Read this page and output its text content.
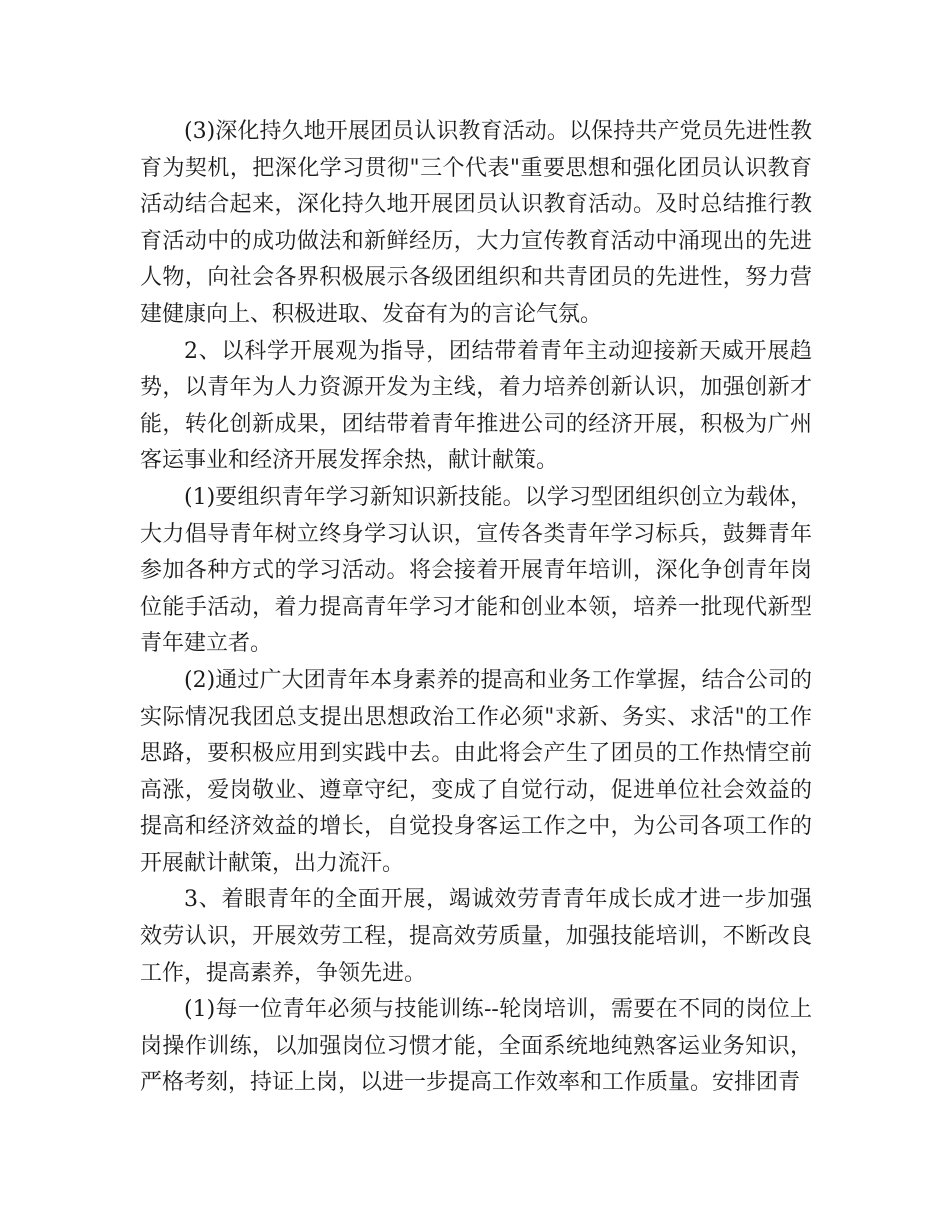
(3)深化持久地开展团员认识教育活动。以保持共产党员先进性教育为契机，把深化学习贯彻"三个代表"重要思想和强化团员认识教育活动结合起来，深化持久地开展团员认识教育活动。及时总结推行教育活动中的成功做法和新鲜经历，大力宣传教育活动中涌现出的先进人物，向社会各界积极展示各级团组织和共青团员的先进性，努力营建健康向上、积极进取、发奋有为的言论气氛。

2、以科学开展观为指导，团结带着青年主动迎接新天威开展趋势，以青年为人力资源开发为主线，着力培养创新认识，加强创新才能，转化创新成果，团结带着青年推进公司的经济开展，积极为广州客运事业和经济开展发挥余热，献计献策。

(1)要组织青年学习新知识新技能。以学习型团组织创立为载体，大力倡导青年树立终身学习认识，宣传各类青年学习标兵，鼓舞青年参加各种方式的学习活动。将会接着开展青年培训，深化争创青年岗位能手活动，着力提高青年学习才能和创业本领，培养一批现代新型青年建立者。

(2)通过广大团青年本身素养的提高和业务工作掌握，结合公司的实际情况我团总支提出思想政治工作必须"求新、务实、求活"的工作思路，要积极应用到实践中去。由此将会产生了团员的工作热情空前高涨，爱岗敬业、遵章守纪，变成了自觉行动，促进单位社会效益的提高和经济效益的增长，自觉投身客运工作之中，为公司各项工作的开展献计献策，出力流汗。

3、着眼青年的全面开展，竭诚效劳青青年成长成才进一步加强效劳认识，开展效劳工程，提高效劳质量，加强技能培训，不断改良工作，提高素养，争领先进。

(1)每一位青年必须与技能训练--轮岗培训，需要在不同的岗位上岗操作训练，以加强岗位习惯才能，全面系统地纯熟客运业务知识，严格考刻，持证上岗，以进一步提高工作效率和工作质量。安排团青
